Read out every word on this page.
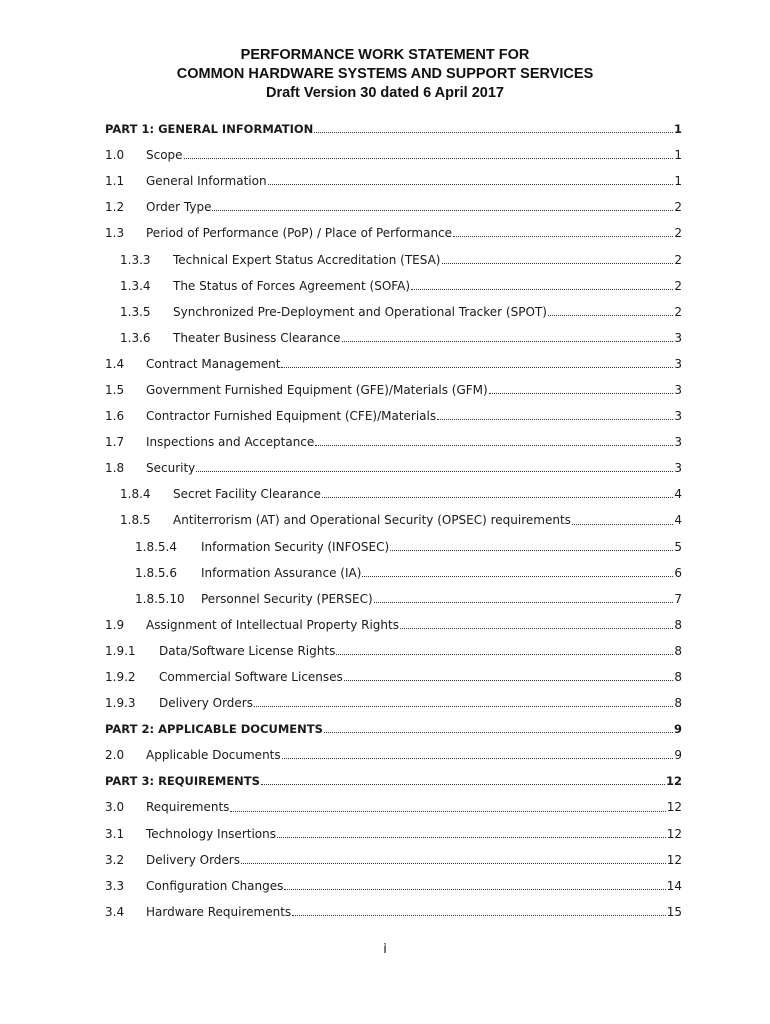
PERFORMANCE WORK STATEMENT FOR
COMMON HARDWARE SYSTEMS AND SUPPORT SERVICES
Draft Version 30 dated 6 April 2017
PART 1: GENERAL INFORMATION	1
1.0	Scope	1
1.1	General Information	1
1.2	Order Type	2
1.3	Period of Performance (PoP) / Place of Performance	2
1.3.3	Technical Expert Status Accreditation (TESA)	2
1.3.4	The Status of Forces Agreement (SOFA)	2
1.3.5	Synchronized Pre-Deployment and Operational Tracker (SPOT)	2
1.3.6	Theater Business Clearance	3
1.4	Contract Management	3
1.5	Government Furnished Equipment (GFE)/Materials (GFM)	3
1.6	Contractor Furnished Equipment (CFE)/Materials	3
1.7	Inspections and Acceptance	3
1.8	Security	3
1.8.4	Secret Facility Clearance	4
1.8.5	Antiterrorism (AT) and Operational Security (OPSEC) requirements	4
1.8.5.4	Information Security (INFOSEC)	5
1.8.5.6	Information Assurance (IA)	6
1.8.5.10	Personnel Security (PERSEC)	7
1.9	Assignment of Intellectual Property Rights	8
1.9.1	Data/Software License Rights	8
1.9.2	Commercial Software Licenses	8
1.9.3	Delivery Orders	8
PART 2: APPLICABLE DOCUMENTS	9
2.0	Applicable Documents	9
PART 3: REQUIREMENTS	12
3.0	Requirements	12
3.1	Technology Insertions	12
3.2	Delivery Orders	12
3.3	Configuration Changes	14
3.4	Hardware Requirements	15
i
